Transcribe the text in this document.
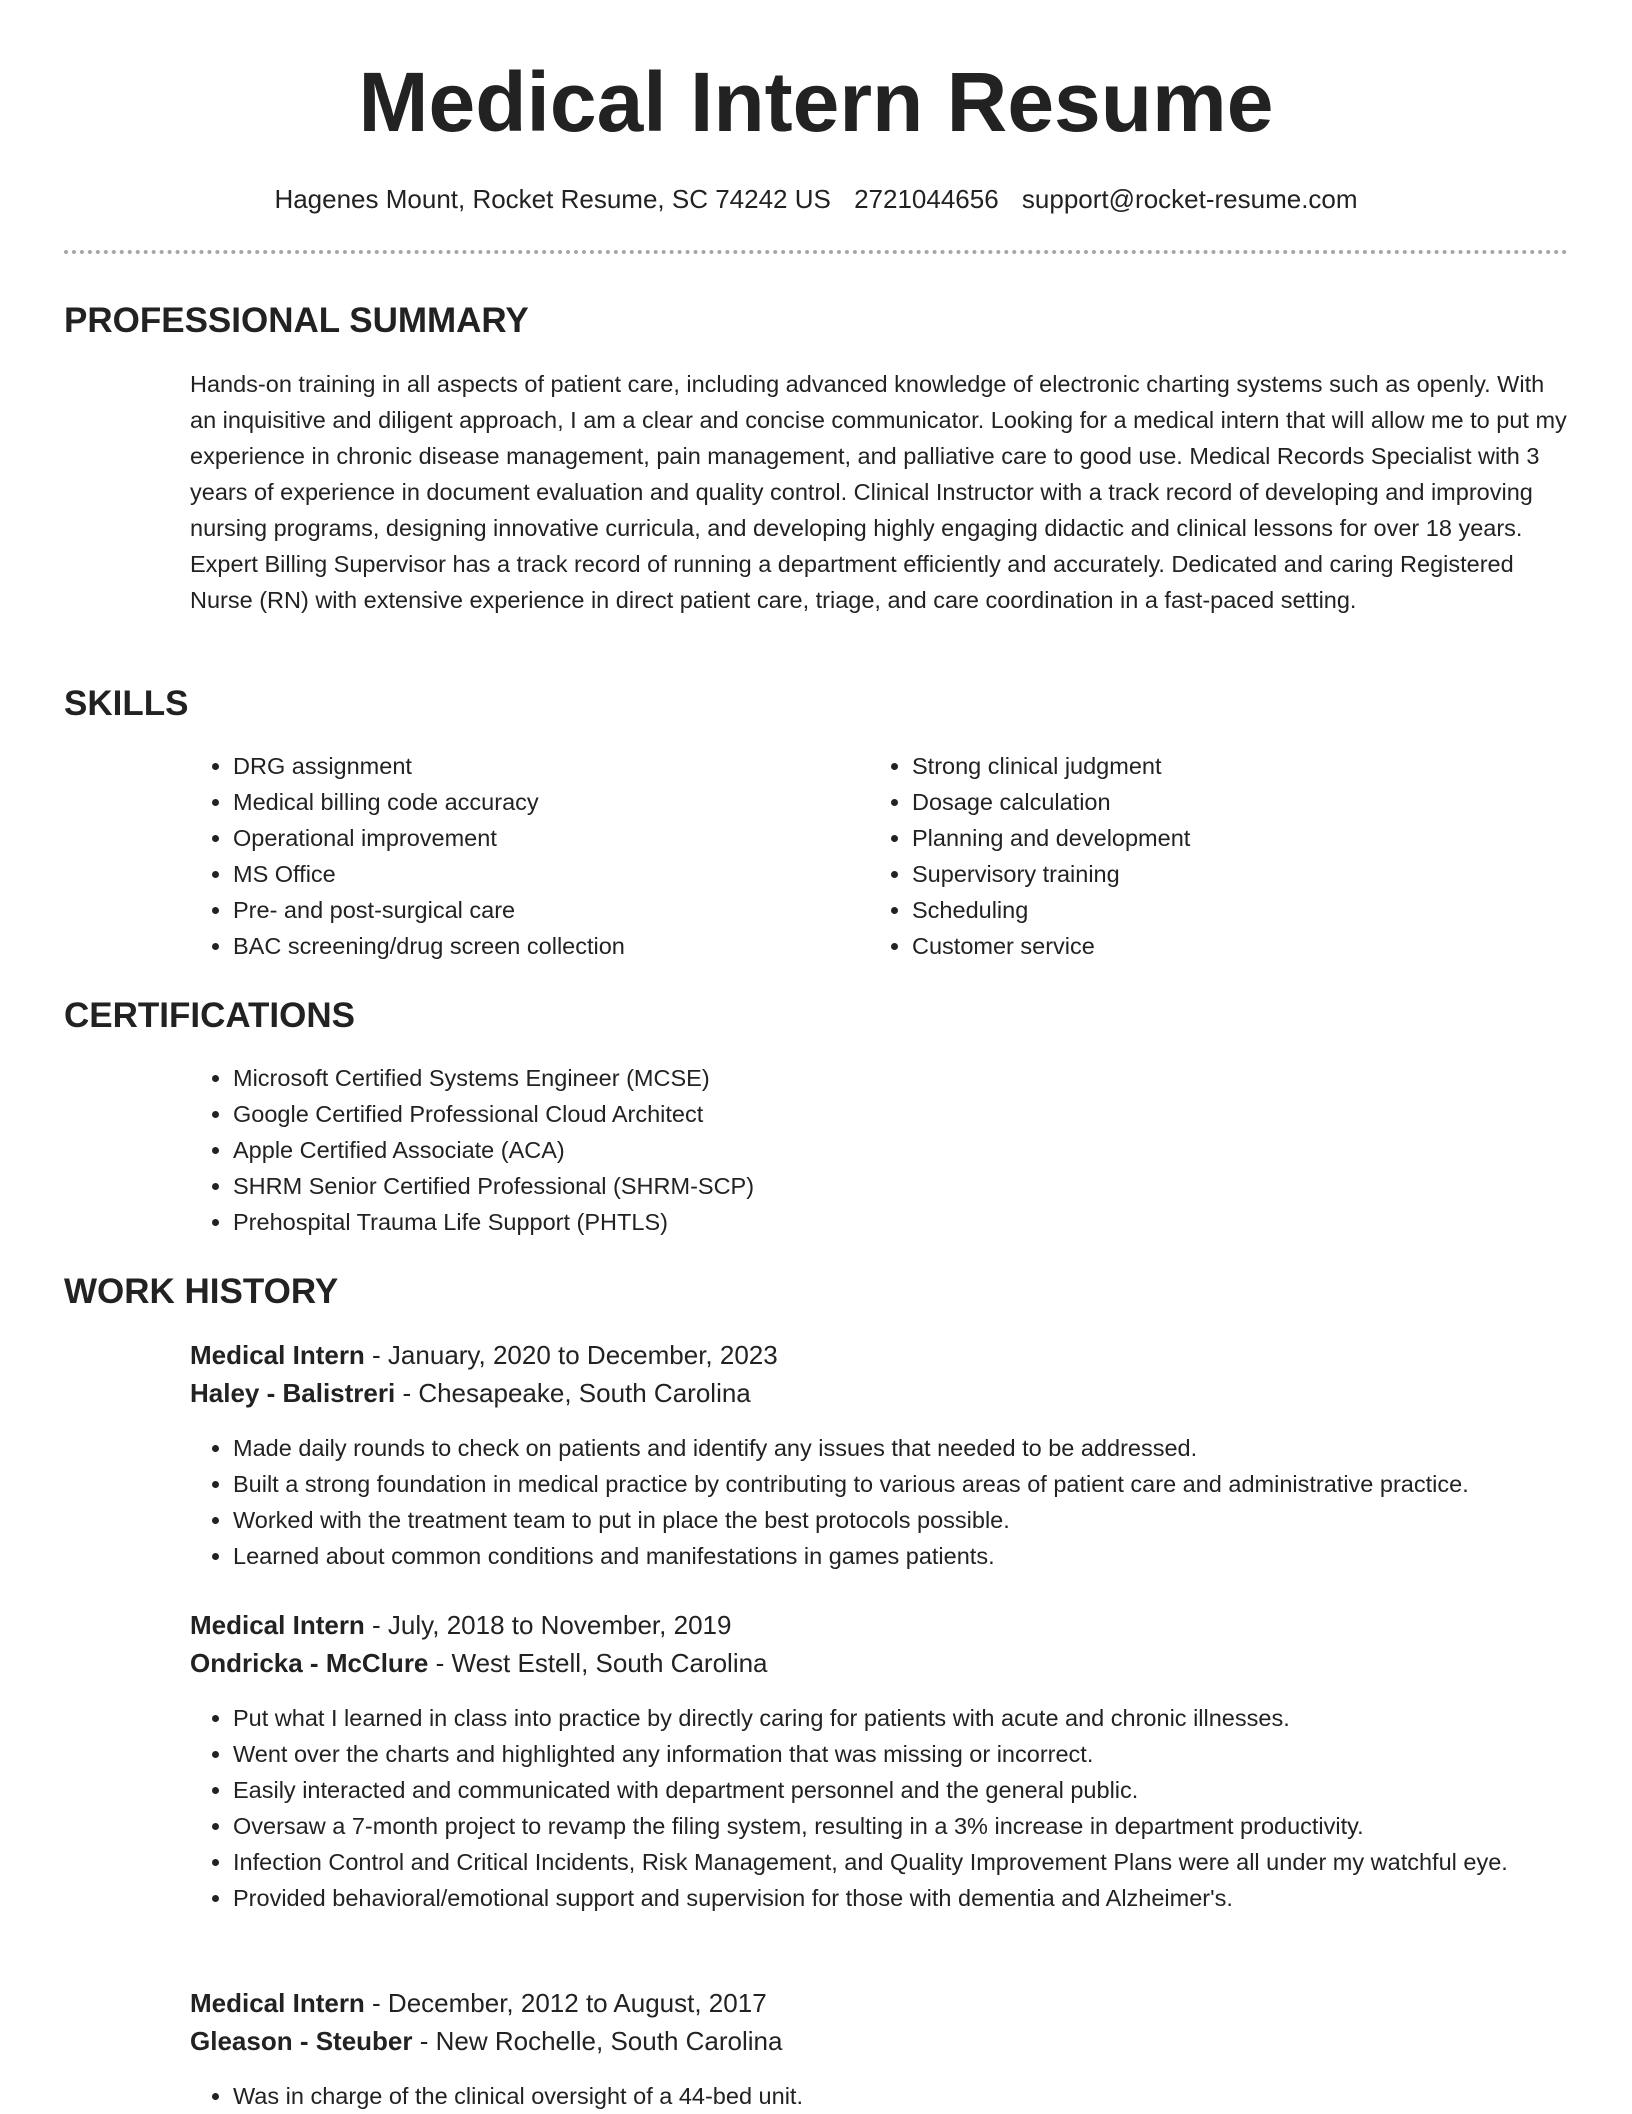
Medical Intern Resume
Hagenes Mount, Rocket Resume, SC 74242 US 2721044656 support@rocket-resume.com
PROFESSIONAL SUMMARY

Hands-on training in all aspects of patient care, including advanced knowledge of electronic charting systems such as openly. With an inquisitive and diligent approach, I am a clear and concise communicator. Looking for a medical intern that will allow me to put my experience in chronic disease management, pain management, and palliative care to good use. Medical Records Specialist with 3 years of experience in document evaluation and quality control. Clinical Instructor with a track record of developing and improving nursing programs, designing innovative curricula, and developing highly engaging didactic and clinical lessons for over 18 years. Expert Billing Supervisor has a track record of running a department efficiently and accurately. Dedicated and caring Registered Nurse (RN) with extensive experience in direct patient care, triage, and care coordination in a fast-paced setting.

SKILLS
• DRG assignment
• Medical billing code accuracy
• Operational improvement
• MS Office
• Pre- and post-surgical care
• BAC screening/drug screen collection
• Strong clinical judgment
• Dosage calculation
• Planning and development
• Supervisory training
• Scheduling
• Customer service
CERTIFICATIONS
• Microsoft Certified Systems Engineer (MCSE)
• Google Certified Professional Cloud Architect
• Apple Certified Associate (ACA)
• SHRM Senior Certified Professional (SHRM-SCP)
• Prehospital Trauma Life Support (PHTLS)
WORK HISTORY
Medical Intern - January, 2020 to December, 2023
Haley - Balistreri - Chesapeake, South Carolina
• Made daily rounds to check on patients and identify any issues that needed to be addressed.
• Built a strong foundation in medical practice by contributing to various areas of patient care and administrative practice.
• Worked with the treatment team to put in place the best protocols possible.
• Learned about common conditions and manifestations in games patients.
Medical Intern - July, 2018 to November, 2019
Ondricka - McClure - West Estell, South Carolina
• Put what I learned in class into practice by directly caring for patients with acute and chronic illnesses.
• Went over the charts and highlighted any information that was missing or incorrect.
• Easily interacted and communicated with department personnel and the general public.
• Oversaw a 7-month project to revamp the filing system, resulting in a 3% increase in department productivity.
• Infection Control and Critical Incidents, Risk Management, and Quality Improvement Plans were all under my watchful eye.
• Provided behavioral/emotional support and supervision for those with dementia and Alzheimer's.
Medical Intern - December, 2012 to August, 2017
Gleason - Steuber - New Rochelle, South Carolina
• Was in charge of the clinical oversight of a 44-bed unit.
